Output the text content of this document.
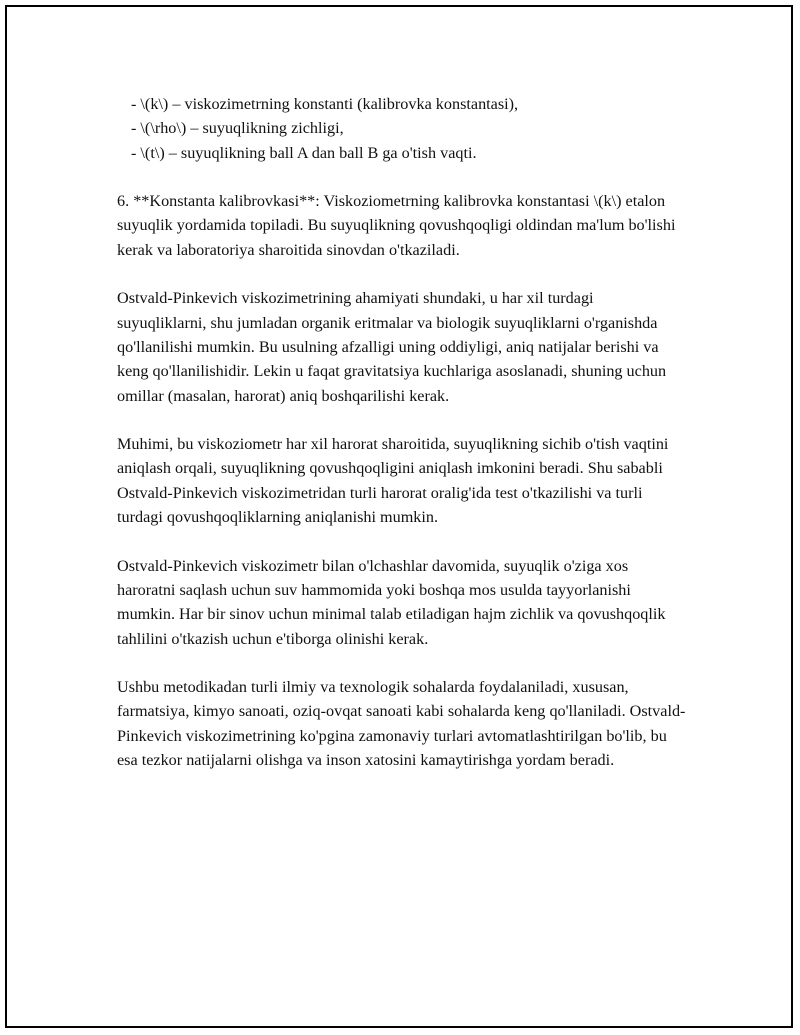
- \(k\) – viskozimetrning konstanti (kalibrovka konstantasi),
- \(\rho\) – suyuqlikning zichligi,
- \(t\) – suyuqlikning ball A dan ball B ga o'tish vaqti.

6. **Konstanta kalibrovkasi**: Viskoziometrning kalibrovka konstantasi \(k\) etalon suyuqlik yordamida topiladi. Bu suyuqlikning qovushqoqligi oldindan ma'lum bo'lishi kerak va laboratoriya sharoitida sinovdan o'tkaziladi.

Ostvald-Pinkevich viskozimetrining ahamiyati shundaki, u har xil turdagi suyuqliklarni, shu jumladan organik eritmalar va biologik suyuqliklarni o'rganishda qo'llanilishi mumkin. Bu usulning afzalligi uning oddiyligi, aniq natijalar berishi va keng qo'llanilishidir. Lekin u faqat gravitatsiya kuchlariga asoslanadi, shuning uchun omillar (masalan, harorat) aniq boshqarilishi kerak.

Muhimi, bu viskoziometr har xil harorat sharoitida, suyuqlikning sichib o'tish vaqtini aniqlash orqali, suyuqlikning qovushqoqligini aniqlash imkonini beradi. Shu sababli Ostvald-Pinkevich viskozimetridan turli harorat oralig'ida test o'tkazilishi va turli turdagi qovushqoqliklarning aniqlanishi mumkin.

Ostvald-Pinkevich viskozimetr bilan o'lchashlar davomida, suyuqlik o'ziga xos haroratni saqlash uchun suv hammomida yoki boshqa mos usulda tayyorlanishi mumkin. Har bir sinov uchun minimal talab etiladigan hajm zichlik va qovushqoqlik tahlilini o'tkazish uchun e'tiborga olinishi kerak.

Ushbu metodikadan turli ilmiy va texnologik sohalarda foydalaniladi, xususan, farmatsiya, kimyo sanoati, oziq-ovqat sanoati kabi sohalarda keng qo'llaniladi. Ostvald-Pinkevich viskozimetrining ko'pgina zamonaviy turlari avtomatlashtirilgan bo'lib, bu esa tezkor natijalarni olishga va inson xatosini kamaytirishga yordam beradi.
